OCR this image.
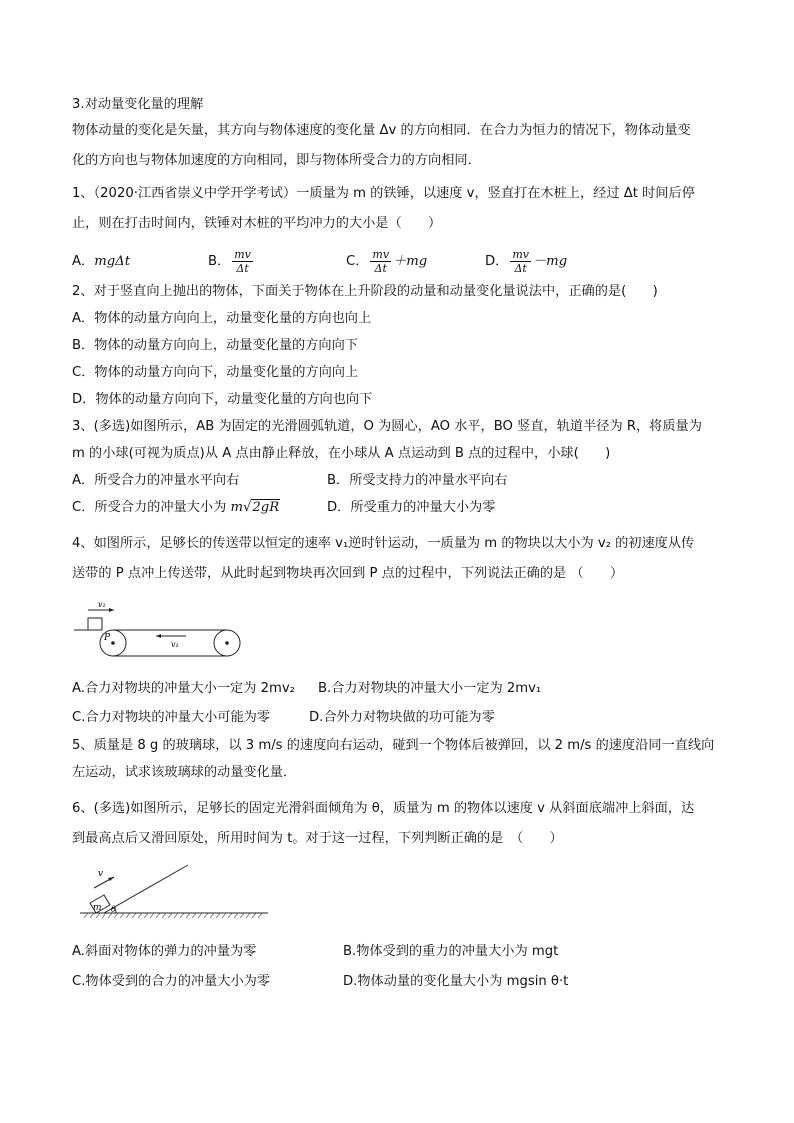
3.对动量变化量的理解
物体动量的变化是矢量，其方向与物体速度的变化量 Δv 的方向相同．在合力为恒力的情况下，物体动量变
化的方向也与物体加速度的方向相同，即与物体所受合力的方向相同．
1、（2020·江西省崇义中学开学考试）一质量为 m 的铁锤，以速度 v，竖直打在木桩上，经过 Δt 时间后停
止，则在打击时间内，铁锤对木桩的平均冲力的大小是（　　）
A．mgΔt	B． $\frac{mv}{\Delta t}$	C． $\frac{mv}{\Delta t} +mg$	D． $\frac{mv}{\Delta t} -mg$
2、对于竖直向上抛出的物体，下面关于物体在上升阶段的动量和动量变化量说法中，正确的是(　　)
A．物体的动量方向向上，动量变化量的方向也向上
B．物体的动量方向向上，动量变化量的方向向下
C．物体的动量方向向下，动量变化量的方向向上
D．物体的动量方向向下，动量变化量的方向也向下
3、(多选)如图所示，AB 为固定的光滑圆弧轨道，O 为圆心，AO 水平，BO 竖直，轨道半径为 R，将质量为
m 的小球(可视为质点)从 A 点由静止释放，在小球从 A 点运动到 B 点的过程中，小球(　　)
A．所受合力的冲量水平向右	B．所受支持力的冲量水平向右
C．所受合力的冲量大小为 m√2gR	D．所受重力的冲量大小为零
4、如图所示，足够长的传送带以恒定的速率 v₁逆时针运动，一质量为 m 的物块以大小为 v₂ 的初速度从传
送带的 P 点冲上传送带，从此时起到物块再次回到 P 点的过程中，下列说法正确的是 （　　）
v₂
v₁
P
A.合力对物块的冲量大小一定为 2mv₂ B.合力对物块的冲量大小一定为 2mv₁
C.合力对物块的冲量大小可能为零	D.合外力对物块做的功可能为零
5、质量是 8 g 的玻璃球，以 3 m/s 的速度向右运动，碰到一个物体后被弹回，以 2 m/s 的速度沿同一直线向
左运动，试求该玻璃球的动量变化量．
6、(多选)如图所示，足够长的固定光滑斜面倾角为 θ，质量为 m 的物体以速度 v 从斜面底端冲上斜面，达
到最高点后又滑回原处，所用时间为 t。对于这一过程，下列判断正确的是　（　　）
m
v
θ
A.斜面对物体的弹力的冲量为零	B.物体受到的重力的冲量大小为 mgt
C.物体受到的合力的冲量大小为零	D.物体动量的变化量大小为 mgsin θ·t
